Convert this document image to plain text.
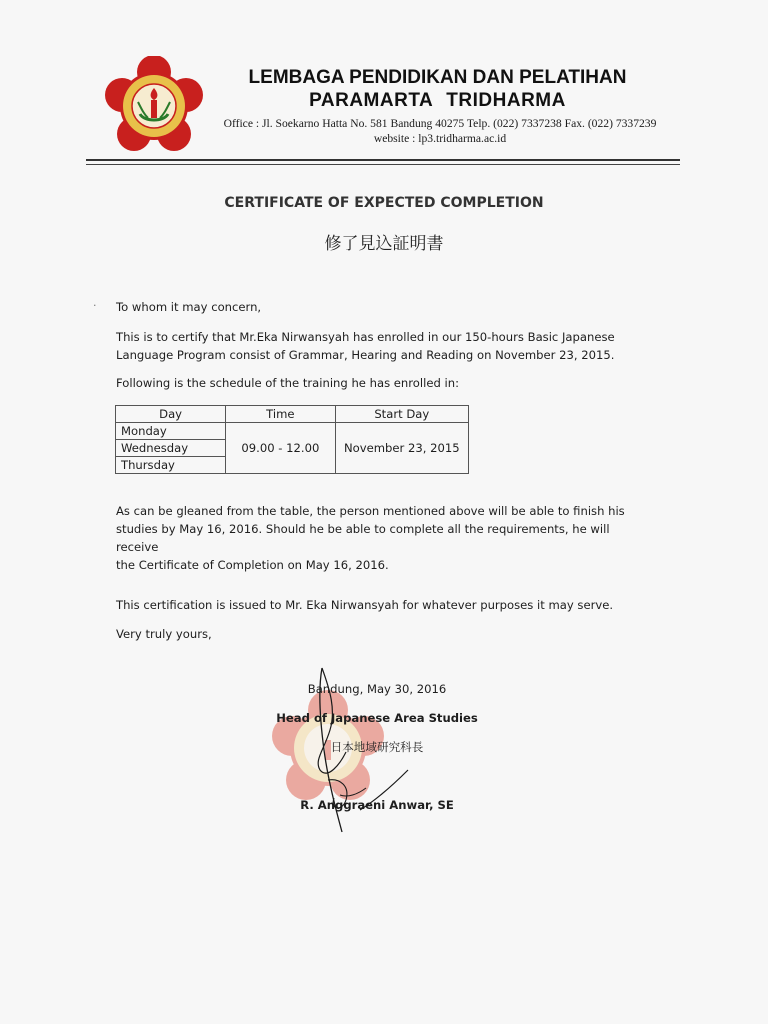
LEMBAGA PENDIDIKAN DAN PELATIHAN
PARAMARTA TRIDHARMA
Office : Jl. Soekarno Hatta No. 581 Bandung 40275 Telp. (022) 7337238 Fax. (022) 7337239
website : lp3.tridharma.ac.id
CERTIFICATE OF EXPECTED COMPLETION
修了見込証明書
· To whom it may concern,
This is to certify that Mr.Eka Nirwansyah has enrolled in our 150-hours Basic Japanese
Language Program consist of Grammar, Hearing and Reading on November 23, 2015.
Following is the schedule of the training he has enrolled in:
Day	Time	Start Day
Monday	09.00 - 12.00	November 23, 2015
Wednesday		
Thursday		
As can be gleaned from the table, the person mentioned above will be able to finish his
studies by May 16, 2016. Should he be able to complete all the requirements, he will receive
the Certificate of Completion on May 16, 2016.
This certification is issued to Mr. Eka Nirwansyah for whatever purposes it may serve.
Very truly yours,
Bandung, May 30, 2016
Head of Japanese Area Studies
日本地域研究科長
R. Anggraeni Anwar, SE
